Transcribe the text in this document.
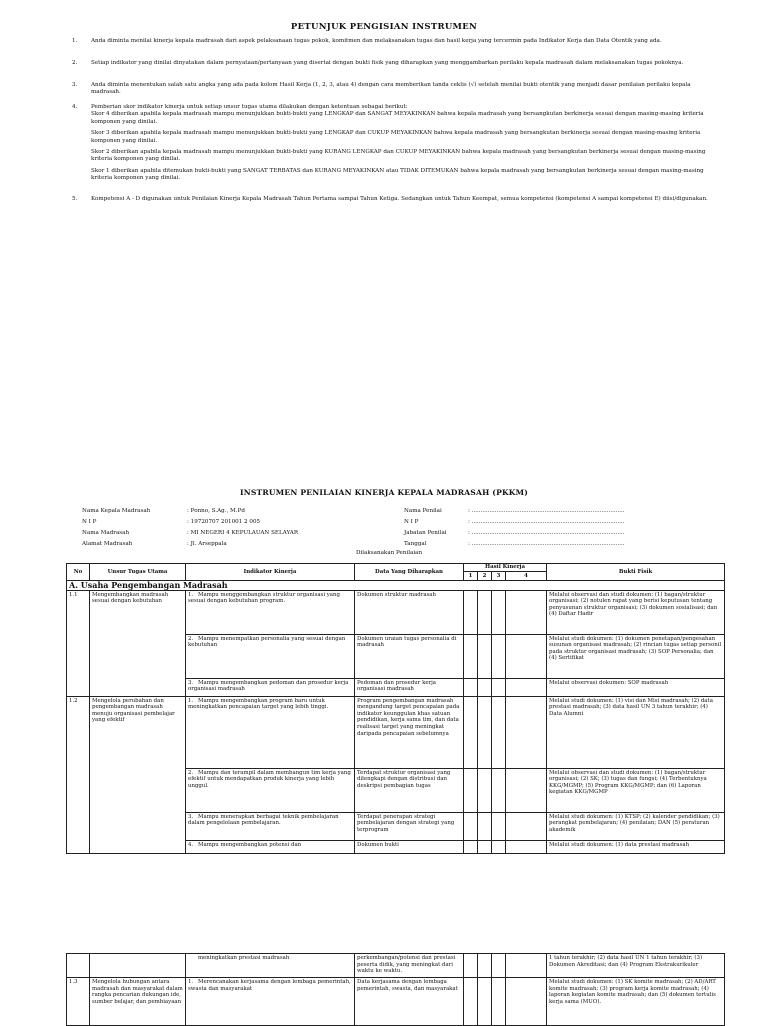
PETUNJUK PENGISIAN INSTRUMEN
1.	Anda diminta menilai kinerja kepala madrasah dari aspek pelaksanaan tugas pokok, komitmen dan melaksanakan tugas dan hasil kerja yang tercermin pada Indikator Kerja dan Data Otentik yang ada.

2.	Setiap indikator yang dinilai dinyatakan dalam pernyataan/pertanyaan yang disertai dengan bukti fisik yang diharapkan yang menggambarkan perilaku kepala madrasah dalam melaksanakan tugas pokoknya.

3.	Anda diminta menentukan salah satu angka yang ada pada kolom Hasil Kerja (1, 2, 3, atau 4) dengan cara memberikan tanda ceklis (√) setelah menilai bukti otentik yang menjadi dasar penilaian perilaku kepala madrasah.

4.	Pemberian skor indikator kinerja untuk setiap unsur tugas utama dilakukan dengan ketentuan sebagai berikut:

Skor 4 diberikan apabila kepala madrasah mampu menunjukkan bukti-bukti yang LENGKAP dan SANGAT MEYAKINKAN bahwa kepala madrasah yang bersangkutan berkinerja sesuai dengan masing-masing kriteria komponen yang dinilai.

Skor 3 diberikan apabila kepala madrasah mampu menunjukkan bukti-bukti yang LENGKAP dan CUKUP MEYAKINKAN bahwa kepala madrasah yang bersangkutan berkinerja sesuai dengan masing-masing kriteria komponen yang dinilai.

Skor 2 diberikan apabila kepala madrasah mampu menunjukkan bukti-bukti yang KURANG LENGKAP dan CUKUP MEYAKINKAN bahwa kepala madrasah yang bersangkutan berkinerja sesuai dengan masing-masing kriteria komponen yang dinilai.

Skor 1 diberikan apabila ditemukan bukti-bukti yang SANGAT TERBATAS dan KURANG MEYAKINKAN atau TIDAK DITEMUKAN bahwa kepala madrasah yang bersangkutan berkinerja sesuai dengan masing-masing kriteria komponen yang dinilai.

5.	Kompetensi A - D digunakan untuk Penilaian Kinerja Kepala Madrasah Tahun Pertama sampai Tahun Ketiga. Sedangkan untuk Tahun Keempat, semua kompetensi (kompetensi A sampai kompetensi E) diisi/digunakan.

INSTRUMEN PENILAIAN KINERJA KEPALA MADRASAH (PKKM)
Nama Kepala Madrasah	: Ponno, S.Ag., M.Pd
N I P	: 19720707 201001 2 005
Nama Madrasah	: MI NEGERI 4 KEPULAUAN SELAYAR
Alamat Madrasah	: Jl. Arseppala
Nama Penilai	: ......................................................................................
N I P	: ......................................................................................
Jabatan Penilai	: ......................................................................................
Tanggal	: ......................................................................................
Dilaksanakan Penilaian
No	Unsur Tugas Utama	Indikator Kinerja	Data Yang Diharapkan	Hasil Kinerja				Bukti Fisik
				1	2	3	4	
A. Usaha Pengembangan Madrasah								
1.1	Mengembangkan madrasah sesuai dengan kebutuhan	1. Mampu menggembangkan struktur organisasi yang sesuai dengan kebutuhan program.	Dokumen struktur madrasah					Melalui observasi dan studi dokumen: (1) bagan/struktur organisasi; (2) notulen rapat yang berisi keputusan tentang penyusunan struktur organisasi; (3) dokumen sosialisasi; dan (4) Daftar Hadir
		2. Mampu menempatkan personalia yang sesuai dengan kebutuhan	Dokumen uraian tugas personalia di madrasah					Melalui studi dokumen: (1) dokumen penetapan/pengesahan susunan organisasi madrasah; (2) rincian tugas setiap personil pada struktur organisasi madrasah; (3) SOP Personalia; dan (4) Sertifikat
		3. Mampu mengembangkan pedoman dan prosedur kerja organisasi madrasah	Pedoman dan prosedur kerja organisasi madrasah					Melalui observasi dokumen: SOP madrasah
1.2	Mengelola perubahan dan pengembangan madrasah menuju organisasi pembelajar yang efektif	1. Mampu mengembangkan program baru untuk meningkatkan pencapaian target yang lebih tinggi.	Program pengembangan madrasah mengandung target pencapaian pada indikator keunggulan khas satuan pendidikan, kerja sama tim, dan data realisasi target yang meningkat daripada pencapaian sebelumnya					Melalui studi dokumen: (1) visi dan Misi madrasah; (2) data prestasi madrasah; (3) data hasil UN 3 tahun terakhir; (4) Data Alumni
		2. Mampu dan terampil dalam membangun tim kerja yang efektif untuk mendapatkan produk kinerja yang lebih unggul.	Terdapat struktur organisasi yang dilengkapi dengan distribusi dan deskripsi pembagian tugas					Melalui observasi dan studi dokumen: (1) bagan/struktur organisasi; (2) SK; (3) tugas dan fungsi; (4) Terbentuknya KKG/MGMP; (5) Program KKG/MGMP; dan (6) Laporan kegiatan KKG/MGMP
		3. Mampu menerapkan berbagai teknik pembelajaran dalam pengelolaan pembelajaran.	Terdapat penerapan strategi pembelajaran dengan strategi yang terprogram					Melalui studi dokumen: (1) KTSP; (2) kalender pendidikan; (3) perangkat pembelajaran; (4) penilaian; DAN (5) peraturan akademik
		4. Mampu mengembangkan potensi dan	Dokumen bukti					Melalui studi dokumen: (1) data prestasi madrasah
		meningkatkan prestasi madrasah	perkembangan/potensi dan prestasi peserta didik, yang meningkat dari waktu ke waktu.					1 tahun terakhir; (2) data hasil UN 1 tahun terakhir; (3) Dokumen Akreditasi; dan (4) Program Ekstrakurikuler
1.3	Mengelola hubungan antara madrasah dan masyarakat dalam rangka pencarian dukungan ide, sumber belajar, dan pembiayaan	1. Merencanakan kerjasama dengan lembaga pemerintah, swasta dan masyarakat	Data kerjasama dengan lembaga pemerintah, swasta, dan masyarakat					Melalui studi dokumen: (1) SK komite madrasah; (2) AD/ART komite madrasah; (3) program kerja komite madrasah; (4) laporan kegiatan komite madrasah; dan (5) dokumen tertulis kerja sama (MUO).
